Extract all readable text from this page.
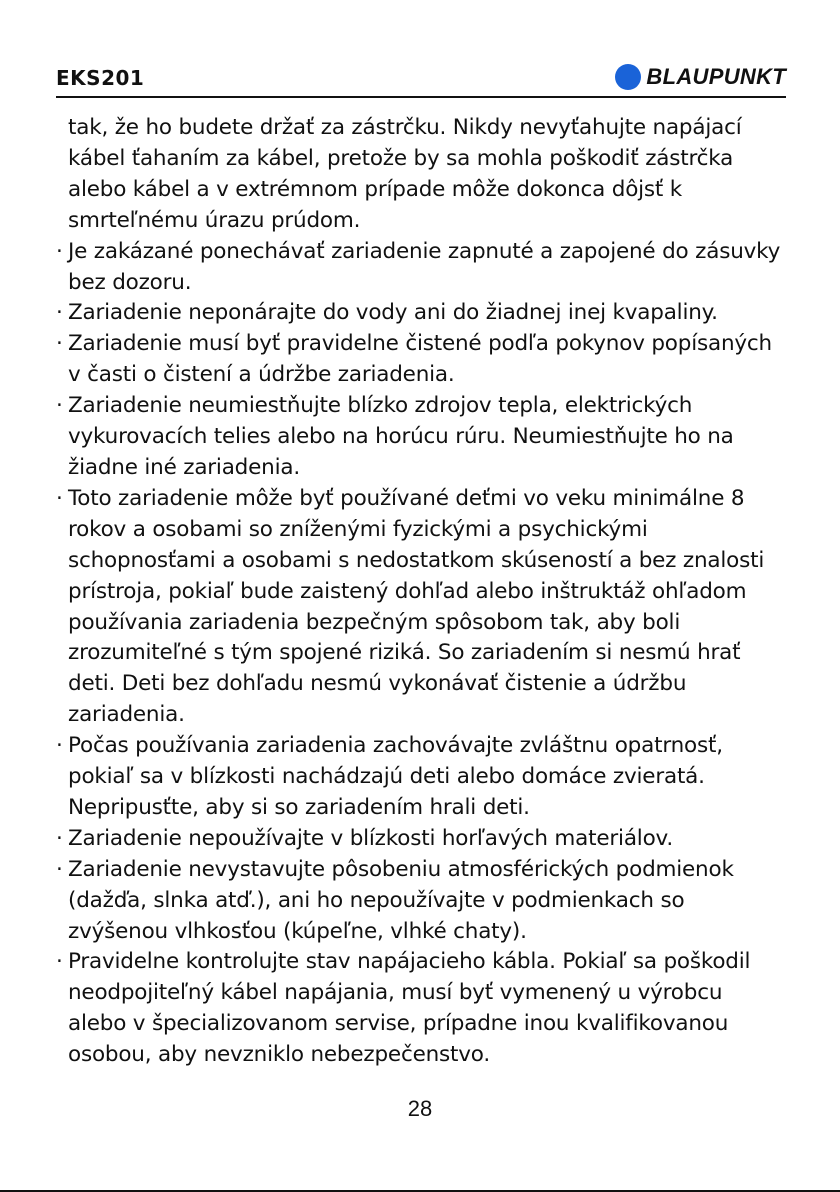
EKS201	BLAUPUNKT

tak, že ho budete držať za zástrčku. Nikdy nevyťahujte napájací kábel ťahaním za kábel, pretože by sa mohla poškodiť zástrčka alebo kábel a v extrémnom prípade môže dokonca dôjsť k smrteľnému úrazu prúdom.

· Je zakázané ponechávať zariadenie zapnuté a zapojené do zásuvky bez dozoru.

· Zariadenie neponárajte do vody ani do žiadnej inej kvapaliny.

· Zariadenie musí byť pravidelne čistené podľa pokynov popísaných v časti o čistení a údržbe zariadenia.

· Zariadenie neumiestňujte blízko zdrojov tepla, elektrických vykurovacích telies alebo na horúcu rúru. Neumiestňujte ho na žiadne iné zariadenia.

· Toto zariadenie môže byť používané deťmi vo veku minimálne 8 rokov a osobami so zníženými fyzickými a psychickými schopnosťami a osobami s nedostatkom skúseností a bez znalosti prístroja, pokiaľ bude zaistený dohľad alebo inštruktáž ohľadom používania zariadenia bezpečným spôsobom tak, aby boli zrozumiteľné s tým spojené riziká. So zariadením si nesmú hrať deti. Deti bez dohľadu nesmú vykonávať čistenie a údržbu zariadenia.

· Počas používania zariadenia zachovávajte zvláštnu opatrnosť, pokiaľ sa v blízkosti nachádzajú deti alebo domáce zvieratá. Nepripusťte, aby si so zariadením hrali deti.

· Zariadenie nepoužívajte v blízkosti horľavých materiálov.

· Zariadenie nevystavujte pôsobeniu atmosférických podmienok (dažďa, slnka atď.), ani ho nepoužívajte v podmienkach so zvýšenou vlhkosťou (kúpeľne, vlhké chaty).

· Pravidelne kontrolujte stav napájacieho kábla. Pokiaľ sa poškodil neodpojiteľný kábel napájania, musí byť vymenený u výrobcu alebo v špecializovanom servise, prípadne inou kvalifikovanou osobou, aby nevzniklo nebezpečenstvo.

28
